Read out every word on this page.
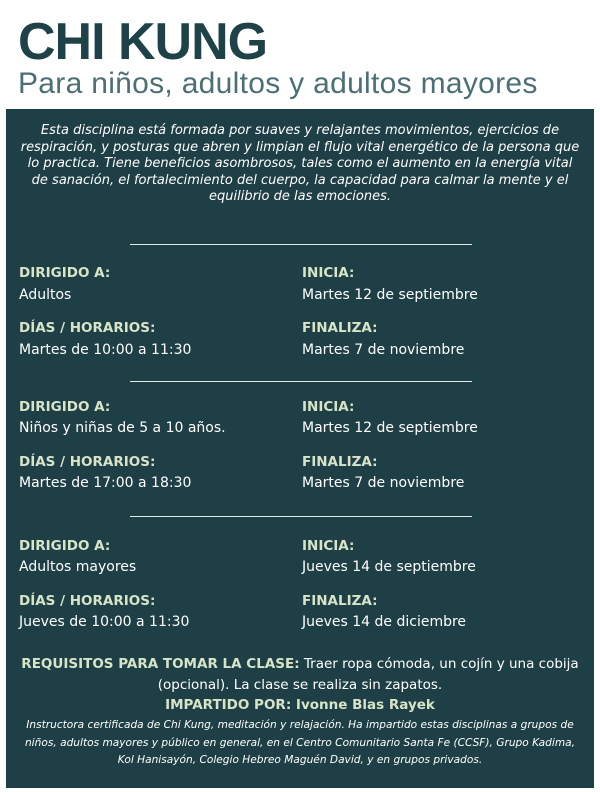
CHI KUNG
Para niños, adultos y adultos mayores
Esta disciplina está formada por suaves y relajantes movimientos, ejercicios de respiración, y posturas que abren y limpian el flujo vital energético de la persona que lo practica. Tiene beneficios asombrosos, tales como el aumento en la energía vital de sanación, el fortalecimiento del cuerpo, la capacidad para calmar la mente y el equilibrio de las emociones.
DIRIGIDO A:	INICIA:
Adultos	Martes 12 de septiembre
DÍAS / HORARIOS:	FINALIZA:
Martes de 10:00 a 11:30	Martes 7 de noviembre
DIRIGIDO A:	INICIA:
Niños y niñas de 5 a 10 años.	Martes 12 de septiembre
DÍAS / HORARIOS:	FINALIZA:
Martes de 17:00 a 18:30	Martes 7 de noviembre
DIRIGIDO A:	INICIA:
Adultos mayores	Jueves 14 de septiembre
DÍAS / HORARIOS:	FINALIZA:
Jueves de 10:00 a 11:30	Jueves 14 de diciembre
REQUISITOS PARA TOMAR LA CLASE: Traer ropa cómoda, un cojín y una cobija (opcional). La clase se realiza sin zapatos.
IMPARTIDO POR: Ivonne Blas Rayek
Instructora certificada de Chi Kung, meditación y relajación. Ha impartido estas disciplinas a grupos de niños, adultos mayores y público en general, en el Centro Comunitario Santa Fe (CCSF), Grupo Kadima, Kol Hanisayón, Colegio Hebreo Maguén David, y en grupos privados.
